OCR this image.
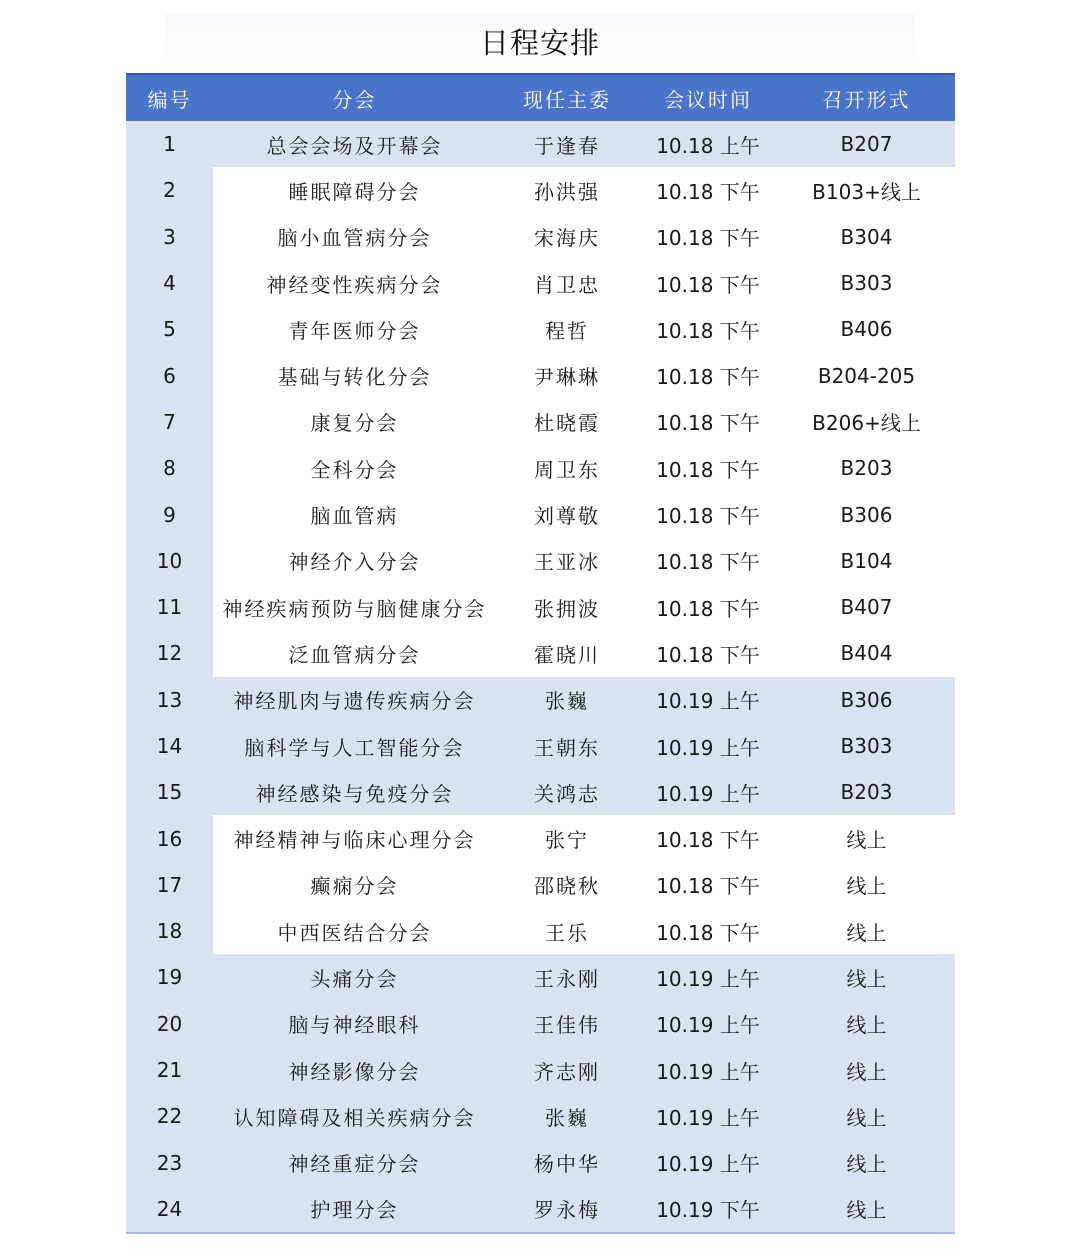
日程安排
编号	分会	现任主委	会议时间	召开形式
1	总会会场及开幕会	于逢春	10.18 上午	B207
2	睡眠障碍分会	孙洪强	10.18 下午	B103+线上
3	脑小血管病分会	宋海庆	10.18 下午	B304
4	神经变性疾病分会	肖卫忠	10.18 下午	B303
5	青年医师分会	程哲	10.18 下午	B406
6	基础与转化分会	尹琳琳	10.18 下午	B204-205
7	康复分会	杜晓霞	10.18 下午	B206+线上
8	全科分会	周卫东	10.18 下午	B203
9	脑血管病	刘尊敬	10.18 下午	B306
10	神经介入分会	王亚冰	10.18 下午	B104
11	神经疾病预防与脑健康分会	张拥波	10.18 下午	B407
12	泛血管病分会	霍晓川	10.18 下午	B404
13	神经肌肉与遗传疾病分会	张巍	10.19 上午	B306
14	脑科学与人工智能分会	王朝东	10.19 上午	B303
15	神经感染与免疫分会	关鸿志	10.19 上午	B203
16	神经精神与临床心理分会	张宁	10.18 下午	线上
17	癫痫分会	邵晓秋	10.18 下午	线上
18	中西医结合分会	王乐	10.18 下午	线上
19	头痛分会	王永刚	10.19 上午	线上
20	脑与神经眼科	王佳伟	10.19 上午	线上
21	神经影像分会	齐志刚	10.19 上午	线上
22	认知障碍及相关疾病分会	张巍	10.19 上午	线上
23	神经重症分会	杨中华	10.19 上午	线上
24	护理分会	罗永梅	10.19 下午	线上
